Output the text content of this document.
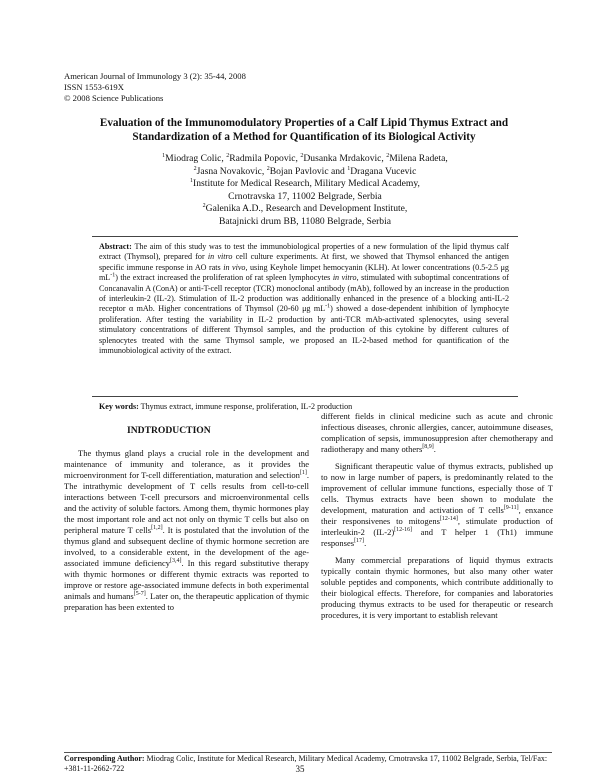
American Journal of Immunology 3 (2): 35-44, 2008
ISSN 1553-619X
© 2008 Science Publications
Evaluation of the Immunomodulatory Properties of a Calf Lipid Thymus Extract and
Standardization of a Method for Quantification of its Biological Activity
$^1$Miodrag Colic, $^2$Radmila Popovic, $^2$Dusanka Mrdakovic, $^2$Milena Radeta,
$^2$Jasna Novakovic, $^2$Bojan Pavlovic and $^1$Dragana Vucevic
$^1$Institute for Medical Research, Military Medical Academy,
Crnotravska 17, 11002 Belgrade, Serbia
$^2$Galenika A.D., Research and Development Institute,
Batajnicki drum BB, 11080 Belgrade, Serbia
Abstract: The aim of this study was to test the immunobiological properties of a new formulation of the lipid thymus calf extract (Thymsol), prepared for in vitro cell culture experiments. At first, we showed that Thymsol enhanced the antigen specific immune response in AO rats in vivo, using Keyhole limpet hemocyanin (KLH). At lower concentrations (0.5-2.5 μg $mL^{-1}$) the extract increased the proliferation of rat spleen lymphocytes in vitro, stimulated with suboptimal concentrations of Concanavalin A (ConA) or anti-T-cell receptor (TCR) monoclonal antibody (mAb), followed by an increase in the production of interleukin-2 (IL-2). Stimulation of IL-2 production was additionally enhanced in the presence of a blocking anti-IL-2 receptor α mAb. Higher concentrations of Thymsol (20-60 μg $mL^{-1}$) showed a dose-dependent inhibition of lymphocyte proliferation. After testing the variability in IL-2 production by anti-TCR mAb-activated splenocytes, using several stimulatory concentrations of different Thymsol samples, and the production of this cytokine by different cultures of splenocytes treated with the same Thymsol sample, we proposed an IL-2-based method for quantification of the immunobiological activity of the extract.
Key words: Thymus extract, immune response, proliferation, IL-2 production
INDTRODUCTION

The thymus gland plays a crucial role in the development and maintenance of immunity and tolerance, as it provides the microenvironment for T-cell differentiation, maturation and selection[1]. The intrathymic development of T cells results from cell-to-cell interactions between T-cell precursors and microenvironmental cells and the activity of soluble factors. Among them, thymic hormones play the most important role and act not only on thymic T cells but also on peripheral mature T cells[1,2]. It is postulated that the involution of the thymus gland and subsequent decline of thymic hormone secretion are involved, to a considerable extent, in the development of the age-associated immune deficiency[3,4]. In this regard substitutive therapy with thymic hormones or different thymic extracts was reported to improve or restore age-associated immune defects in both experimental animals and humans[5-7]. Later on, the therapeutic application of thymic preparation has been extented to

different fields in clinical medicine such as acute and chronic infectious diseases, chronic allergies, cancer, autoimmune diseases, complication of sepsis, immunosuppresion after chemotherapy and radiotherapy and many others[8,9].

Significant therapeutic value of thymus extracts, published up to now in large number of papers, is predominantly related to the improvement of cellular immune functions, especially those of T cells. Thymus extracts have been shown to modulate the development, maturation and activation of T cells[9-11], enxance their responsivenes to mitogens[12-14], stimulate production of interleukin-2 (IL-2)[12-16] and T helper 1 (Th1) immune responses[17].

Many commercial preparations of liquid thymus extracts typically contain thymic hormones, but also many other water soluble peptides and components, which contribute additionally to their biological effects. Therefore, for companies and laboratories producing thymus extracts to be used for therapeutic or research procedures, it is very important to establish relevant

Corresponding Author: Miodrag Colic, Institute for Medical Research, Military Medical Academy, Crnotravska 17, 11002 Belgrade, Serbia, Tel/Fax: +381-11-2662-722	35
